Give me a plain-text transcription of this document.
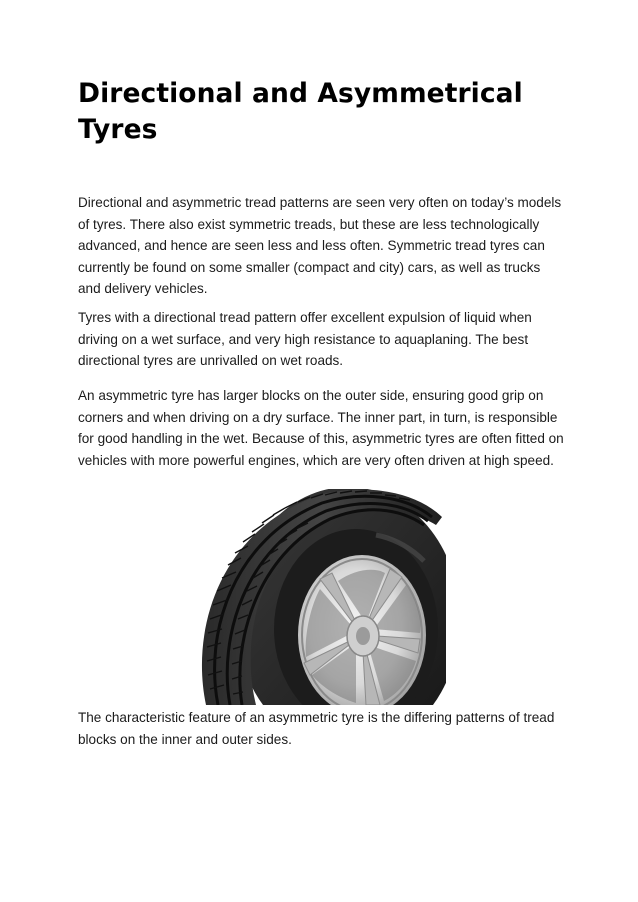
Directional and Asymmetrical Tyres

Directional and asymmetric tread patterns are seen very often on today’s models of tyres. There also exist symmetric treads, but these are less technologically advanced, and hence are seen less and less often. Symmetric tread tyres can currently be found on some smaller (compact and city) cars, as well as trucks and delivery vehicles.

Tyres with a directional tread pattern offer excellent expulsion of liquid when driving on a wet surface, and very high resistance to aquaplaning. The best directional tyres are unrivalled on wet roads.

An asymmetric tyre has larger blocks on the outer side, ensuring good grip on corners and when driving on a dry surface. The inner part, in turn, is responsible for good handling in the wet. Because of this, asymmetric tyres are often fitted on vehicles with more powerful engines, which are very often driven at high speed.

The characteristic feature of an asymmetric tyre is the differing patterns of tread blocks on the inner and outer sides.
